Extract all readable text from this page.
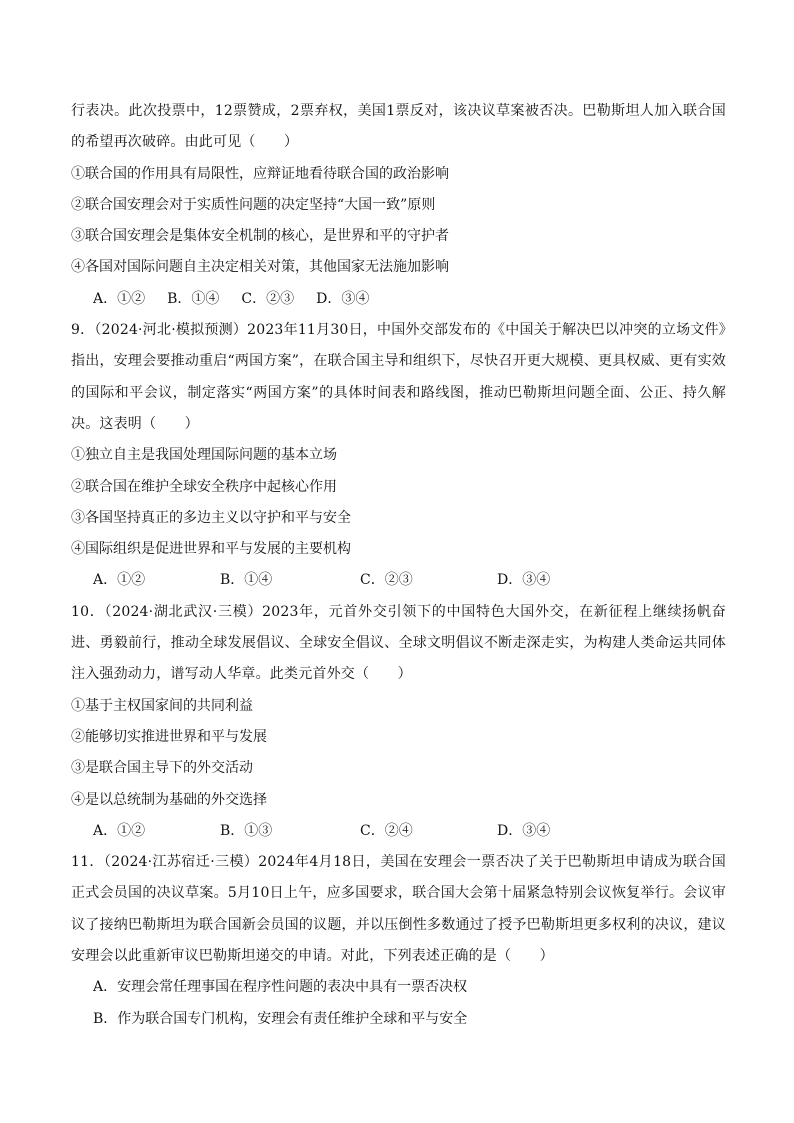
行表决。此次投票中，12票赞成，2票弃权，美国1票反对，该决议草案被否决。巴勒斯坦人加入联合国的希望再次破碎。由此可见（　　）

①联合国的作用具有局限性，应辩证地看待联合国的政治影响

②联合国安理会对于实质性问题的决定坚持“大国一致”原则

③联合国安理会是集体安全机制的核心，是世界和平的守护者

④各国对国际问题自主决定相关对策，其他国家无法施加影响

A．①② B．①④ C．②③ D．③④

9．（2024·河北·模拟预测）2023年11月30日，中国外交部发布的《中国关于解决巴以冲突的立场文件》指出，安理会要推动重启“两国方案”，在联合国主导和组织下，尽快召开更大规模、更具权威、更有实效的国际和平会议，制定落实“两国方案”的具体时间表和路线图，推动巴勒斯坦问题全面、公正、持久解决。这表明（　　）

①独立自主是我国处理国际问题的基本立场

②联合国在维护全球安全秩序中起核心作用

③各国坚持真正的多边主义以守护和平与安全

④国际组织是促进世界和平与发展的主要机构

A．①②	B．①④	C．②③	D．③④

10．（2024·湖北武汉·三模）2023年，元首外交引领下的中国特色大国外交，在新征程上继续扬帆奋进、勇毅前行，推动全球发展倡议、全球安全倡议、全球文明倡议不断走深走实，为构建人类命运共同体注入强劲动力，谱写动人华章。此类元首外交（　　）

①基于主权国家间的共同利益

②能够切实推进世界和平与发展

③是联合国主导下的外交活动

④是以总统制为基础的外交选择

A．①②	B．①③	C．②④	D．③④

11．（2024·江苏宿迁·三模）2024年4月18日，美国在安理会一票否决了关于巴勒斯坦申请成为联合国正式会员国的决议草案。5月10日上午，应多国要求，联合国大会第十届紧急特别会议恢复举行。会议审议了接纳巴勒斯坦为联合国新会员国的议题，并以压倒性多数通过了授予巴勒斯坦更多权利的决议，建议安理会以此重新审议巴勒斯坦递交的申请。对此，下列表述正确的是（　　）

A．安理会常任理事国在程序性问题的表决中具有一票否决权

B．作为联合国专门机构，安理会有责任维护全球和平与安全
